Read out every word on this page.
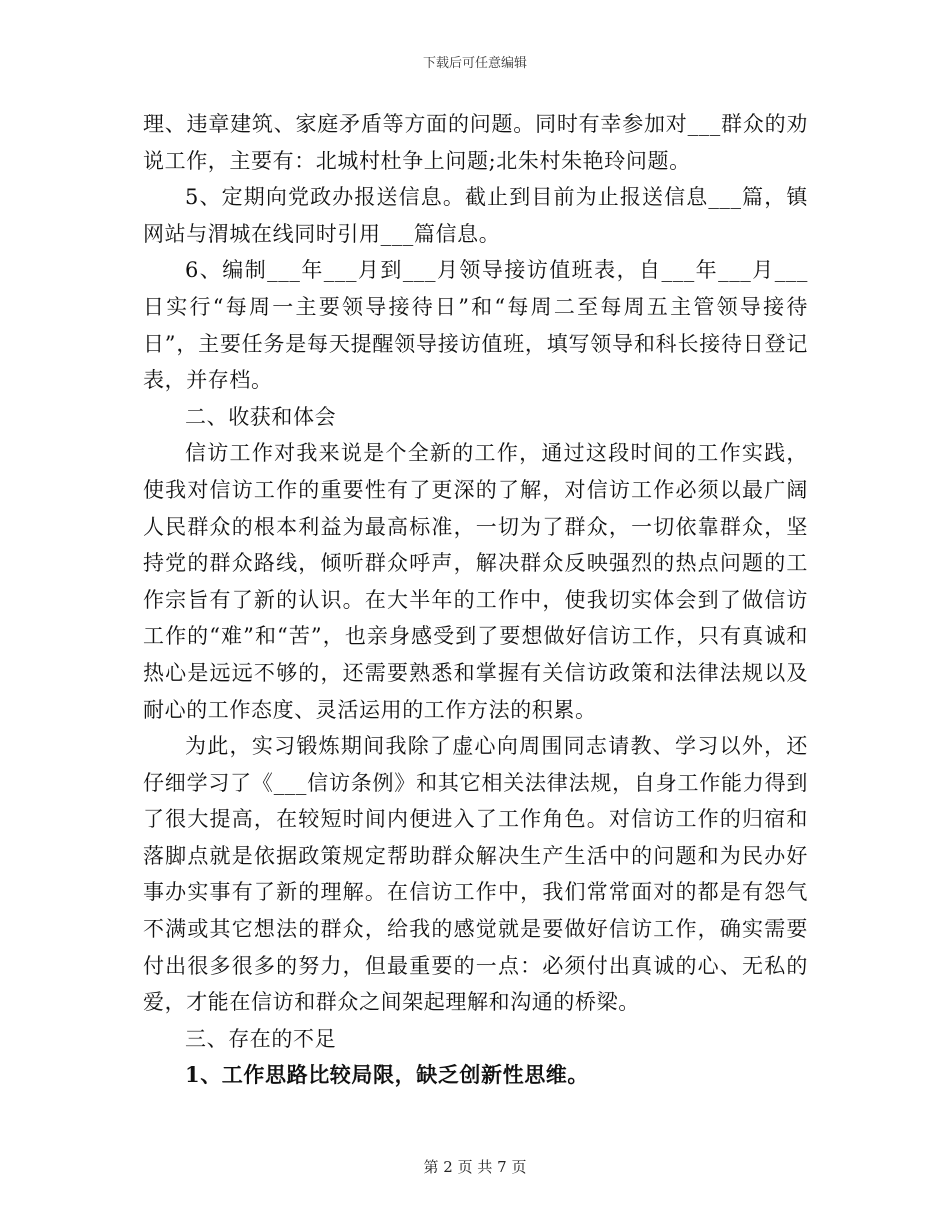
下载后可任意编辑

理、违章建筑、家庭矛盾等方面的问题。同时有幸参加对___群众的劝说工作，主要有：北城村杜争上问题;北朱村朱艳玲问题。

5、定期向党政办报送信息。截止到目前为止报送信息___篇，镇网站与渭城在线同时引用___篇信息。

6、编制___年___月到___月领导接访值班表，自___年___月___日实行“每周一主要领导接待日”和“每周二至每周五主管领导接待日”，主要任务是每天提醒领导接访值班，填写领导和科长接待日登记表，并存档。

二、收获和体会

信访工作对我来说是个全新的工作，通过这段时间的工作实践，使我对信访工作的重要性有了更深的了解，对信访工作必须以最广阔人民群众的根本利益为最高标准，一切为了群众，一切依靠群众，坚持党的群众路线，倾听群众呼声，解决群众反映强烈的热点问题的工作宗旨有了新的认识。在大半年的工作中，使我切实体会到了做信访工作的“难”和“苦”，也亲身感受到了要想做好信访工作，只有真诚和热心是远远不够的，还需要熟悉和掌握有关信访政策和法律法规以及耐心的工作态度、灵活运用的工作方法的积累。

为此，实习锻炼期间我除了虚心向周围同志请教、学习以外，还仔细学习了《___信访条例》和其它相关法律法规，自身工作能力得到了很大提高，在较短时间内便进入了工作角色。对信访工作的归宿和落脚点就是依据政策规定帮助群众解决生产生活中的问题和为民办好事办实事有了新的理解。在信访工作中，我们常常面对的都是有怨气不满或其它想法的群众，给我的感觉就是要做好信访工作，确实需要付出很多很多的努力，但最重要的一点：必须付出真诚的心、无私的爱，才能在信访和群众之间架起理解和沟通的桥梁。

三、存在的不足

1、工作思路比较局限，缺乏创新性思维。

第 2 页 共 7 页
